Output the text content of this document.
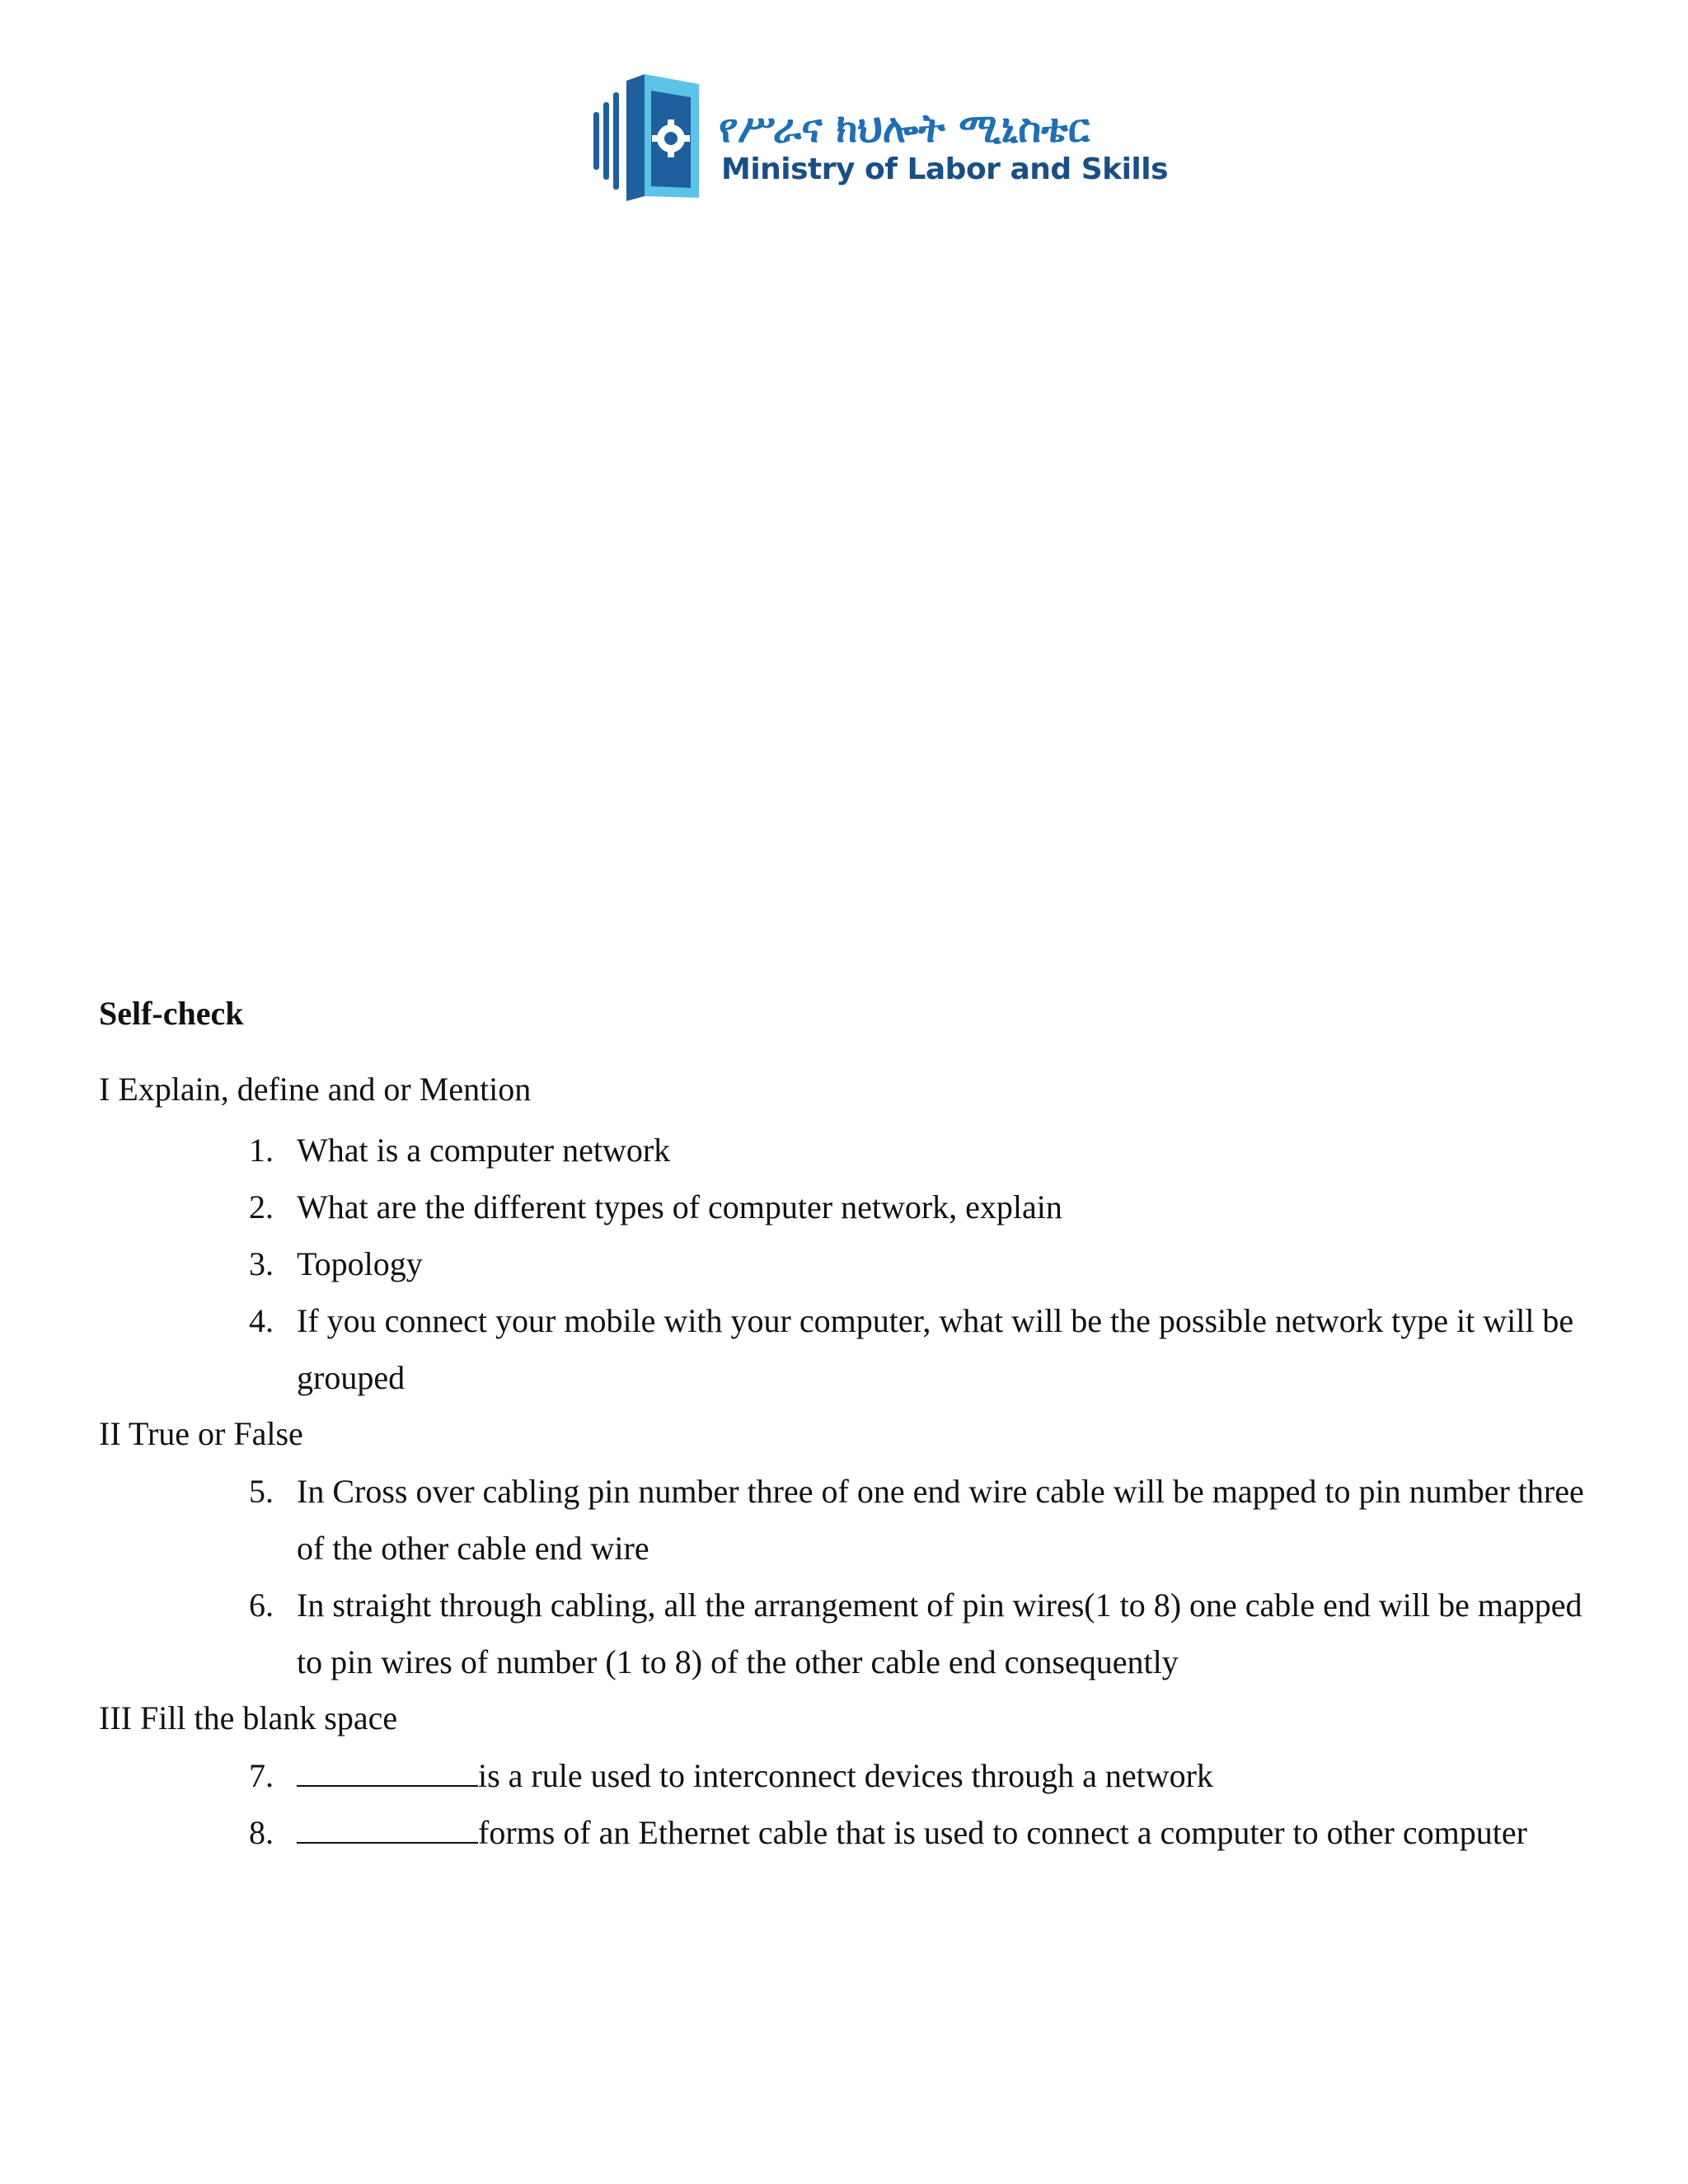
የሥራና ክህሎት ሚኒስቴር
Ministry of Labor and Skills
Self-check
I Explain, define and or Mention
1. What is a computer network
2. What are the different types of computer network, explain
3. Topology
4. If you connect your mobile with your computer, what will be the possible network type it will be grouped
II True or False
5. In Cross over cabling pin number three of one end wire cable will be mapped to pin number three of the other cable end wire
6. In straight through cabling, all the arrangement of pin wires(1 to 8) one cable end will be mapped to pin wires of number (1 to 8) of the other cable end consequently
III Fill the blank space
7.	is a rule used to interconnect devices through a network
8.	forms of an Ethernet cable that is used to connect a computer to other computer
